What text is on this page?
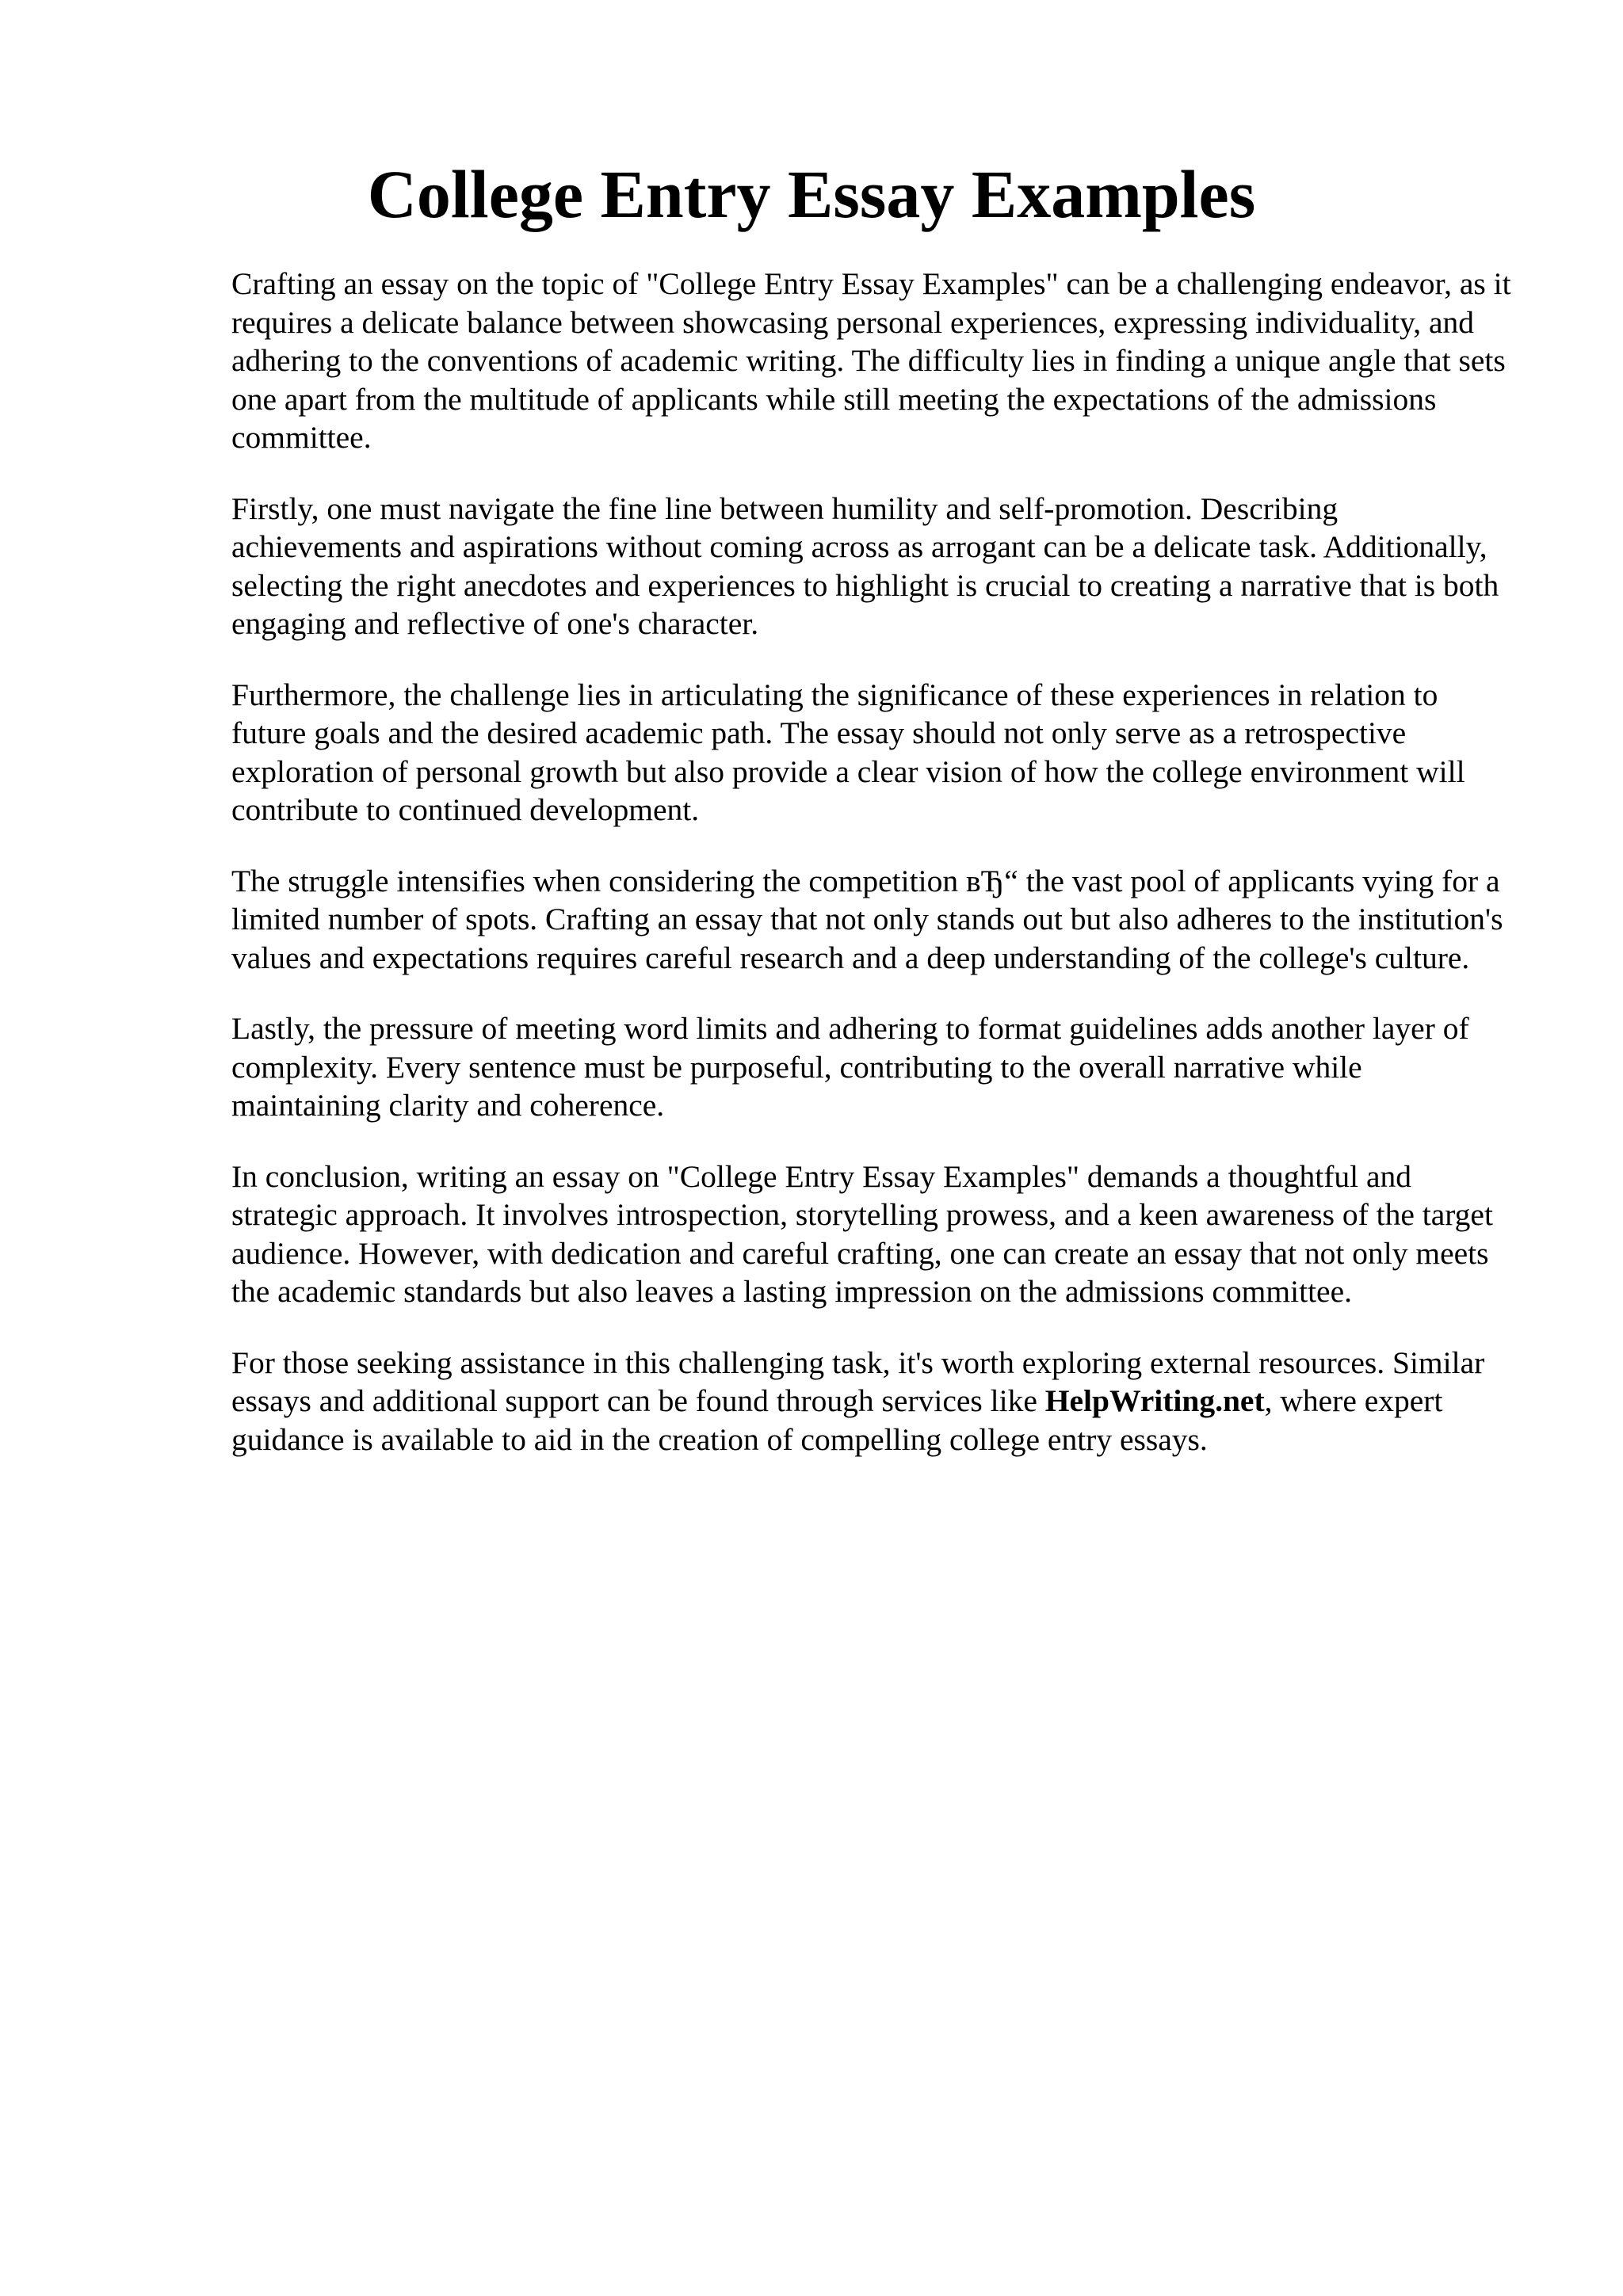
College Entry Essay Examples

Crafting an essay on the topic of "College Entry Essay Examples" can be a challenging endeavor, as it requires a delicate balance between showcasing personal experiences, expressing individuality, and adhering to the conventions of academic writing. The difficulty lies in finding a unique angle that sets one apart from the multitude of applicants while still meeting the expectations of the admissions committee.

Firstly, one must navigate the fine line between humility and self-promotion. Describing achievements and aspirations without coming across as arrogant can be a delicate task. Additionally, selecting the right anecdotes and experiences to highlight is crucial to creating a narrative that is both engaging and reflective of one's character.

Furthermore, the challenge lies in articulating the significance of these experiences in relation to future goals and the desired academic path. The essay should not only serve as a retrospective exploration of personal growth but also provide a clear vision of how the college environment will contribute to continued development.

The struggle intensifies when considering the competition вЂ“ the vast pool of applicants vying for a limited number of spots. Crafting an essay that not only stands out but also adheres to the institution's values and expectations requires careful research and a deep understanding of the college's culture.

Lastly, the pressure of meeting word limits and adhering to format guidelines adds another layer of complexity. Every sentence must be purposeful, contributing to the overall narrative while maintaining clarity and coherence.

In conclusion, writing an essay on "College Entry Essay Examples" demands a thoughtful and strategic approach. It involves introspection, storytelling prowess, and a keen awareness of the target audience. However, with dedication and careful crafting, one can create an essay that not only meets the academic standards but also leaves a lasting impression on the admissions committee.

For those seeking assistance in this challenging task, it's worth exploring external resources. Similar essays and additional support can be found through services like HelpWriting.net, where expert guidance is available to aid in the creation of compelling college entry essays.
